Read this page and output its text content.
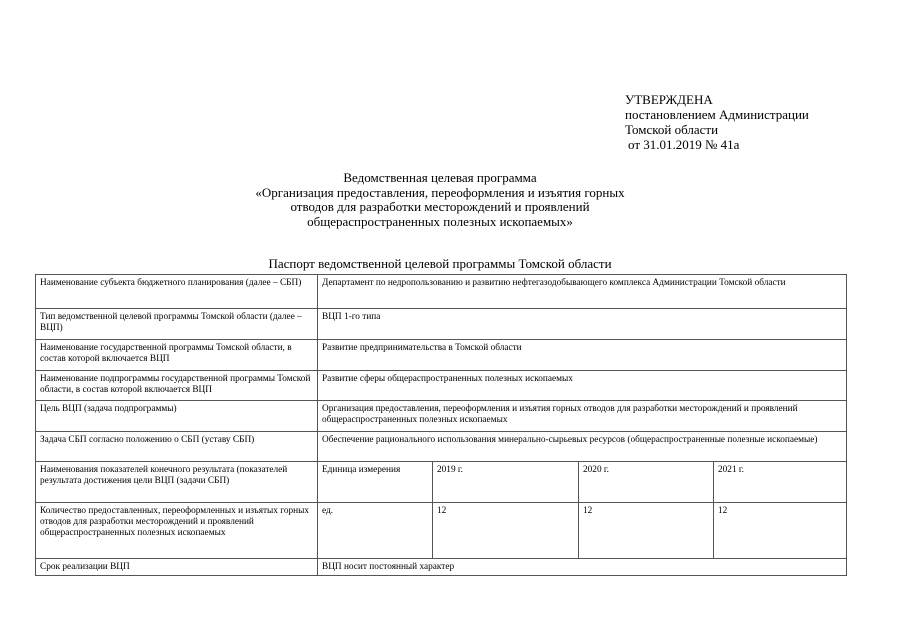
УТВЕРЖДЕНА
постановлением Администрации
Томской области
от 31.01.2019 № 41а
Ведомственная целевая программа
«Организация предоставления, переоформления и изъятия горных
отводов для разработки месторождений и проявлений
общераспространенных полезных ископаемых»
Паспорт ведомственной целевой программы Томской области
Наименование субъекта бюджетного планирования (далее – СБП)	Департамент по недропользованию и развитию нефтегазодобывающего комплекса Администрации Томской области			
Тип ведомственной целевой программы Томской области (далее – ВЦП)	ВЦП 1-го типа			
Наименование государственной программы Томской области, в состав которой включается ВЦП	Развитие предпринимательства в Томской области			
Наименование подпрограммы государственной программы Томской области, в состав которой включается ВЦП	Развитие сферы общераспространенных полезных ископаемых			
Цель ВЦП (задача подпрограммы)	Организация предоставления, переоформления и изъятия горных отводов для разработки месторождений и проявлений общераспространенных полезных ископаемых			
Задача СБП согласно положению о СБП (уставу СБП)	Обеспечение рационального использования минерально-сырьевых ресурсов (общераспространенные полезные ископаемые)			
Наименования показателей конечного результата (показателей результата достижения цели ВЦП (задачи СБП)	Единица измерения	2019 г.	2020 г.	2021 г.
Количество предоставленных, переоформленных и изъятых горных отводов для разработки месторождений и проявлений общераспространенных полезных ископаемых	ед.	12	12	12
Срок реализации ВЦП	ВЦП носит постоянный характер			
